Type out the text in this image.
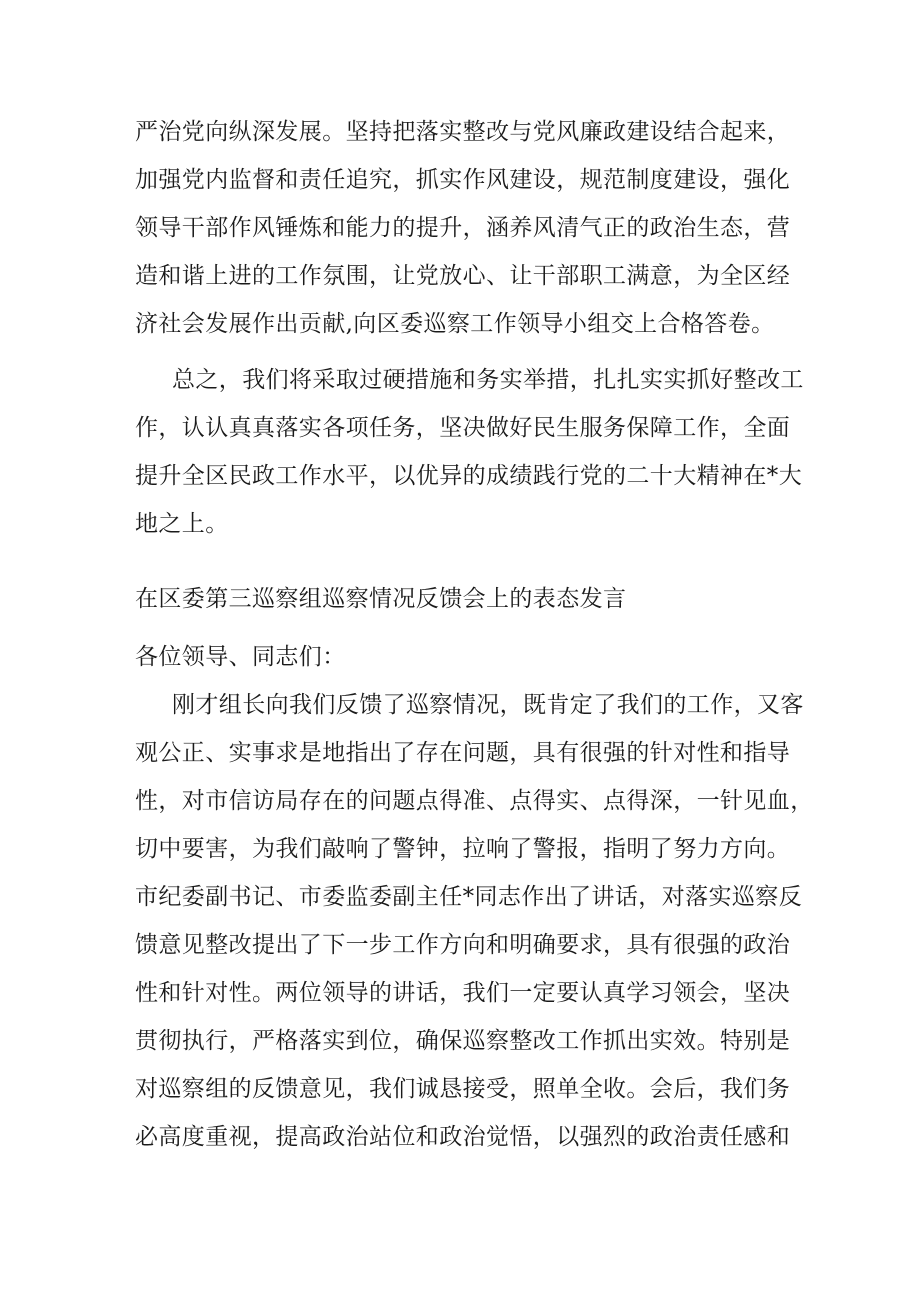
严治党向纵深发展。坚持把落实整改与党风廉政建设结合起来，

加强党内监督和责任追究，抓实作风建设，规范制度建设，强化

领导干部作风锤炼和能力的提升，涵养风清气正的政治生态，营

造和谐上进的工作氛围，让党放心、让干部职工满意，为全区经

济社会发展作出贡献,向区委巡察工作领导小组交上合格答卷。

总之，我们将采取过硬措施和务实举措，扎扎实实抓好整改工

作，认认真真落实各项任务，坚决做好民生服务保障工作，全面

提升全区民政工作水平，以优异的成绩践行党的二十大精神在*大

地之上。

在区委第三巡察组巡察情况反馈会上的表态发言

各位领导、同志们：

刚才组长向我们反馈了巡察情况，既肯定了我们的工作，又客

观公正、实事求是地指出了存在问题，具有很强的针对性和指导

性，对市信访局存在的问题点得准、点得实、点得深，一针见血，

切中要害，为我们敲响了警钟，拉响了警报，指明了努力方向。

市纪委副书记、市委监委副主任*同志作出了讲话，对落实巡察反

馈意见整改提出了下一步工作方向和明确要求，具有很强的政治

性和针对性。两位领导的讲话，我们一定要认真学习领会，坚决

贯彻执行，严格落实到位，确保巡察整改工作抓出实效。特别是

对巡察组的反馈意见，我们诚恳接受，照单全收。会后，我们务

必高度重视，提高政治站位和政治觉悟，以强烈的政治责任感和
